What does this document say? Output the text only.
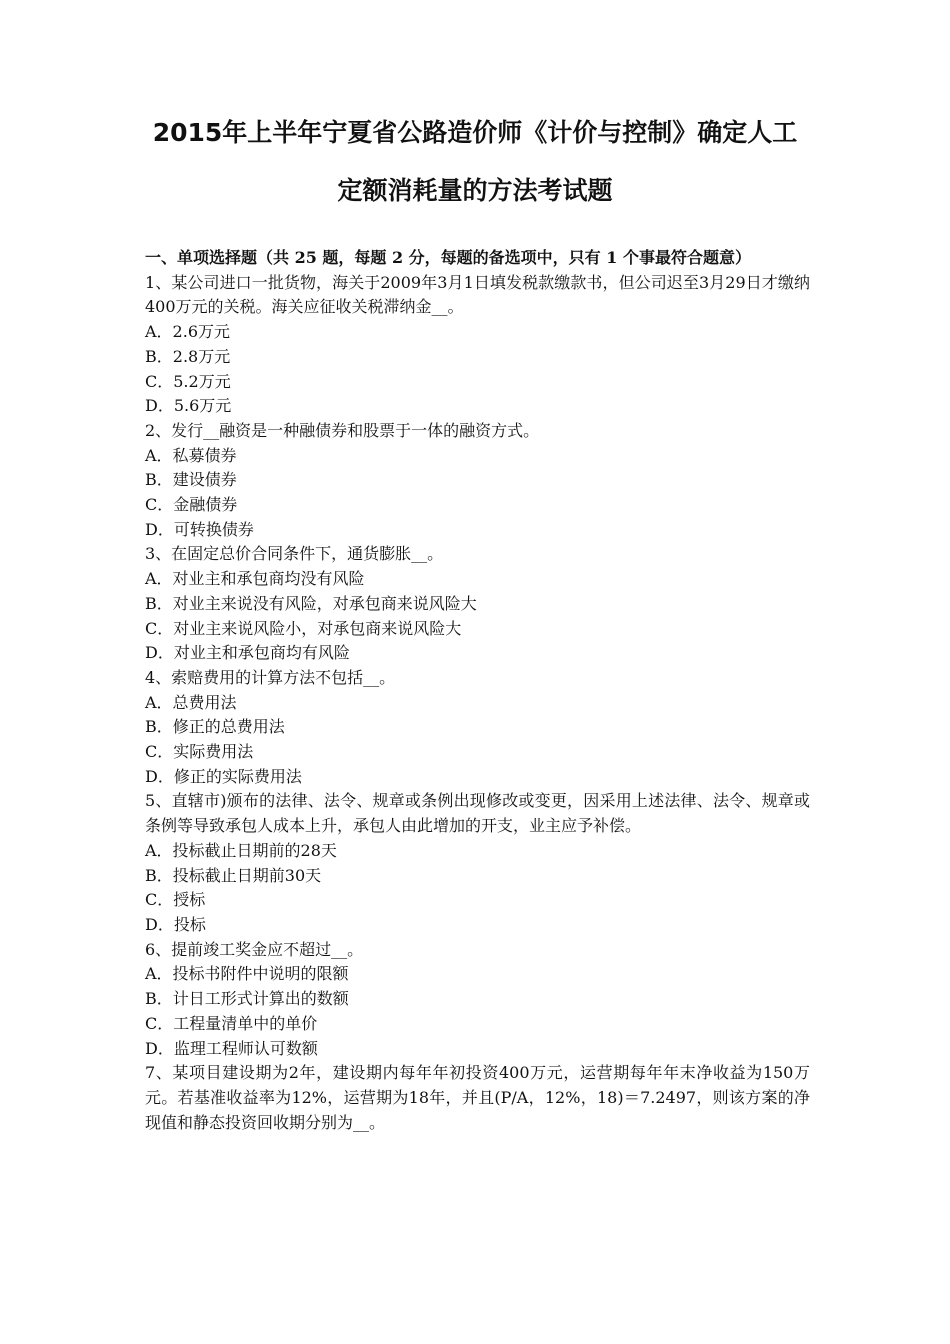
2015年上半年宁夏省公路造价师《计价与控制》确定人工
定额消耗量的方法考试题
一、单项选择题（共 25 题，每题 2 分，每题的备选项中，只有 1 个事最符合题意）
1、某公司进口一批货物，海关于2009年3月1日填发税款缴款书，但公司迟至3月29日才缴纳400万元的关税。海关应征收关税滞纳金__。
A．2.6万元
B．2.8万元
C．5.2万元
D．5.6万元
2、发行__融资是一种融债券和股票于一体的融资方式。
A．私募债券
B．建设债券
C．金融债券
D．可转换债券
3、在固定总价合同条件下，通货膨胀__。
A．对业主和承包商均没有风险
B．对业主来说没有风险，对承包商来说风险大
C．对业主来说风险小，对承包商来说风险大
D．对业主和承包商均有风险
4、索赔费用的计算方法不包括__。
A．总费用法
B．修正的总费用法
C．实际费用法
D．修正的实际费用法
5、直辖市)颁布的法律、法令、规章或条例出现修改或变更，因采用上述法律、法令、规章或条例等导致承包人成本上升，承包人由此增加的开支，业主应予补偿。
A．投标截止日期前的28天
B．投标截止日期前30天
C．授标
D．投标
6、提前竣工奖金应不超过__。
A．投标书附件中说明的限额
B．计日工形式计算出的数额
C．工程量清单中的单价
D．监理工程师认可数额
7、某项目建设期为2年，建设期内每年年初投资400万元，运营期每年年末净收益为150万元。若基准收益率为12%，运营期为18年，并且(P/A，12%，18)＝7.2497，则该方案的净现值和静态投资回收期分别为__。
